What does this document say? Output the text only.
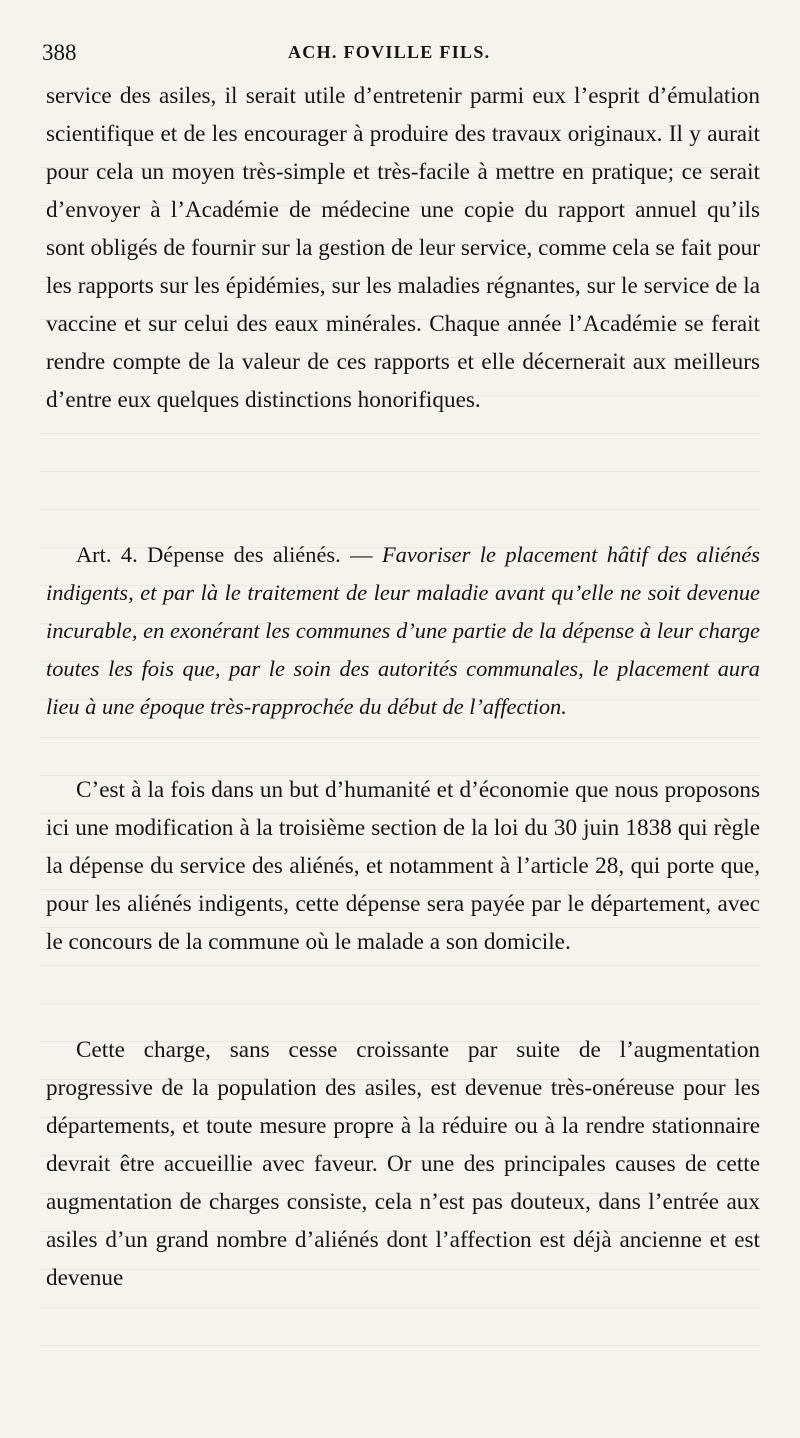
388	ACH. FOVILLE FILS.

service des asiles, il serait utile d’entretenir parmi eux l’esprit d’émulation scientifique et de les encourager à produire des travaux originaux. Il y aurait pour cela un moyen très-simple et très-facile à mettre en pratique; ce serait d’envoyer à l’Académie de médecine une copie du rapport annuel qu’ils sont obligés de fournir sur la gestion de leur service, comme cela se fait pour les rapports sur les épidémies, sur les maladies régnantes, sur le service de la vaccine et sur celui des eaux minérales. Chaque année l’Académie se ferait rendre compte de la valeur de ces rapports et elle décernerait aux meilleurs d’entre eux quelques distinctions honorifiques.

Art. 4. Dépense des aliénés. — Favoriser le placement hâtif des aliénés indigents, et par là le traitement de leur maladie avant qu’elle ne soit devenue incurable, en exonérant les communes d’une partie de la dépense à leur charge toutes les fois que, par le soin des autorités communales, le placement aura lieu à une époque très-rapprochée du début de l’affection.

C’est à la fois dans un but d’humanité et d’économie que nous proposons ici une modification à la troisième section de la loi du 30 juin 1838 qui règle la dépense du service des aliénés, et notamment à l’article 28, qui porte que, pour les aliénés indigents, cette dépense sera payée par le département, avec le concours de la commune où le malade a son domicile.

Cette charge, sans cesse croissante par suite de l’augmentation progressive de la population des asiles, est devenue très-onéreuse pour les départements, et toute mesure propre à la réduire ou à la rendre stationnaire devrait être accueillie avec faveur. Or une des principales causes de cette augmentation de charges consiste, cela n’est pas douteux, dans l’entrée aux asiles d’un grand nombre d’aliénés dont l’affection est déjà ancienne et est devenue
